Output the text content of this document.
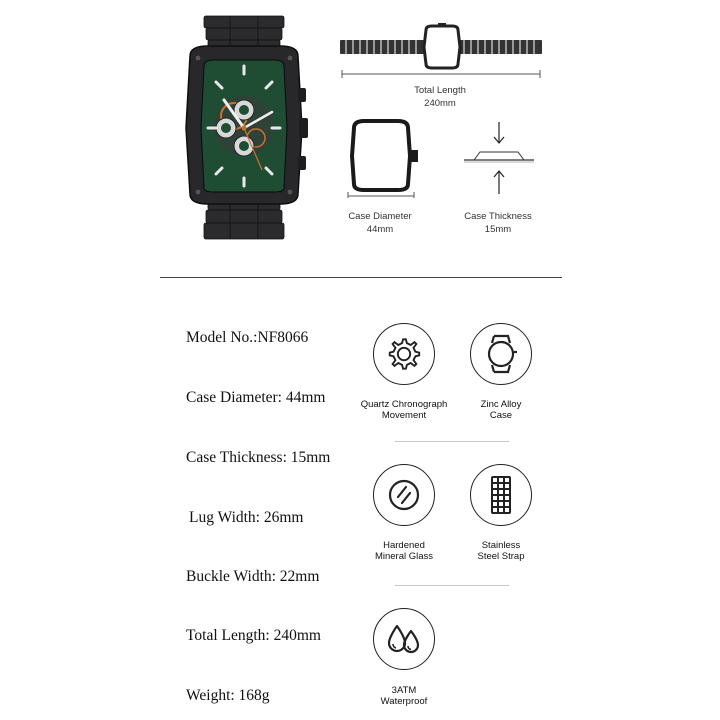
Total Length
240mm
Case Diameter
44mm
Case Thickness
15mm
Model No.:NF8066
Case Diameter: 44mm
Case Thickness: 15mm
Lug Width: 26mm
Buckle Width: 22mm
Total Length: 240mm
Weight: 168g
Quartz Chronograph
Movement
Zinc Alloy
Case
Hardened
Mineral Glass
Stainless
Steel Strap
3ATM
Waterproof
